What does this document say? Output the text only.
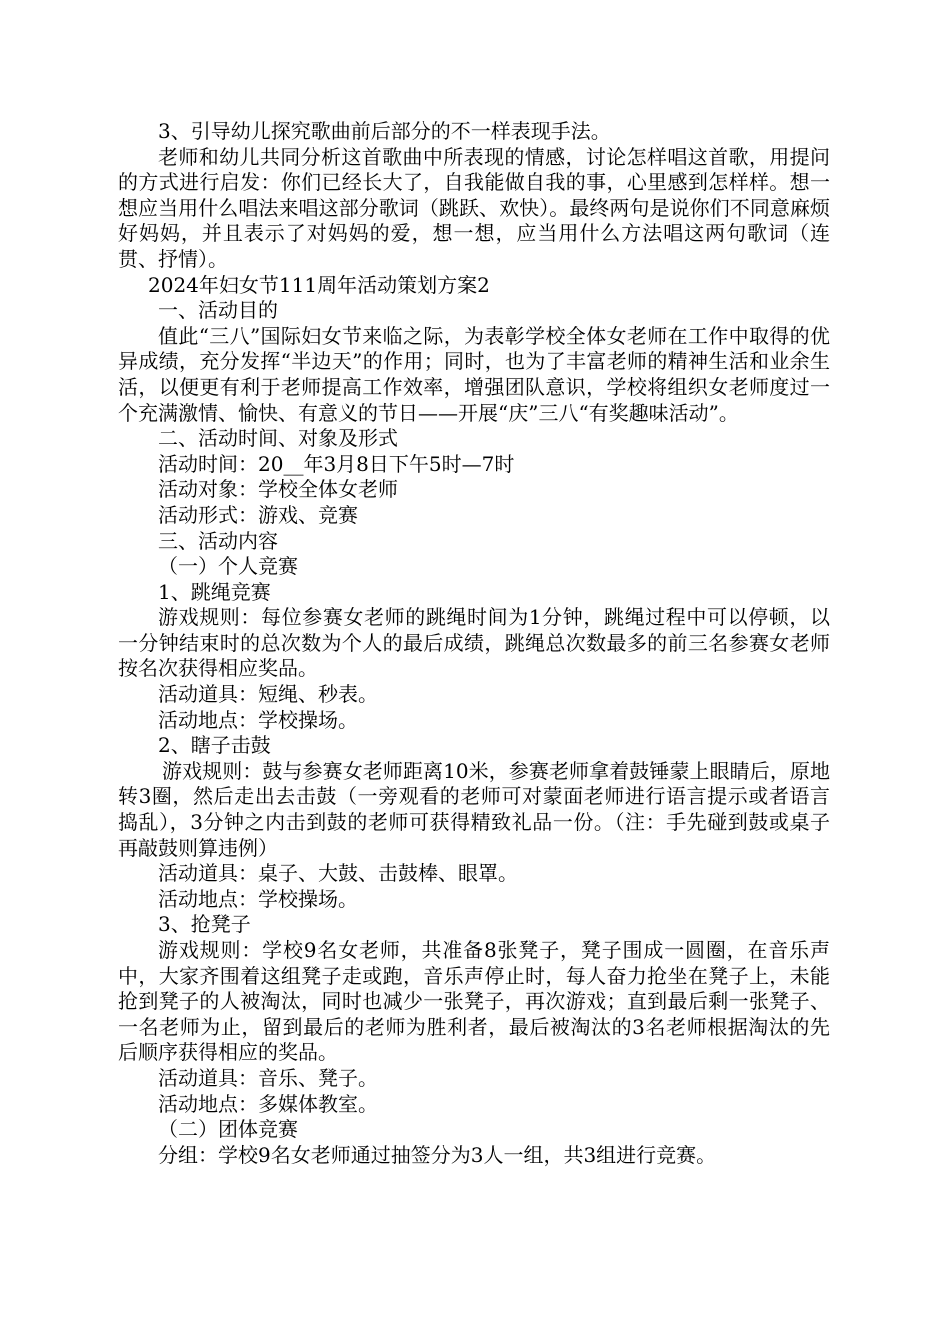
3、引导幼儿探究歌曲前后部分的不一样表现手法。

老师和幼儿共同分析这首歌曲中所表现的情感，讨论怎样唱这首歌，用提问的方式进行启发：你们已经长大了，自我能做自我的事，心里感到怎样样。想一想应当用什么唱法来唱这部分歌词（跳跃、欢快）。最终两句是说你们不同意麻烦好妈妈，并且表示了对妈妈的爱，想一想，应当用什么方法唱这两句歌词（连贯、抒情）。

2024年妇女节111周年活动策划方案2

一、活动目的

值此“三八”国际妇女节来临之际，为表彰学校全体女老师在工作中取得的优异成绩，充分发挥“半边天”的作用；同时，也为了丰富老师的精神生活和业余生活，以便更有利于老师提高工作效率，增强团队意识，学校将组织女老师度过一个充满激情、愉快、有意义的节日——开展“庆”三八“有奖趣味活动”。

二、活动时间、对象及形式

活动时间：20__年3月8日下午5时—7时

活动对象：学校全体女老师

活动形式：游戏、竞赛

三、活动内容

（一）个人竞赛

1、跳绳竞赛

游戏规则：每位参赛女老师的跳绳时间为1分钟，跳绳过程中可以停顿，以一分钟结束时的总次数为个人的最后成绩，跳绳总次数最多的前三名参赛女老师按名次获得相应奖品。

活动道具：短绳、秒表。

活动地点：学校操场。

2、瞎子击鼓

游戏规则：鼓与参赛女老师距离10米，参赛老师拿着鼓锤蒙上眼睛后，原地转3圈，然后走出去击鼓（一旁观看的老师可对蒙面老师进行语言提示或者语言捣乱），3分钟之内击到鼓的老师可获得精致礼品一份。（注：手先碰到鼓或桌子再敲鼓则算违例）

活动道具：桌子、大鼓、击鼓棒、眼罩。

活动地点：学校操场。

3、抢凳子

游戏规则：学校9名女老师，共准备8张凳子，凳子围成一圆圈，在音乐声中，大家齐围着这组凳子走或跑，音乐声停止时，每人奋力抢坐在凳子上，未能抢到凳子的人被淘汰，同时也减少一张凳子，再次游戏；直到最后剩一张凳子、一名老师为止，留到最后的老师为胜利者，最后被淘汰的3名老师根据淘汰的先后顺序获得相应的奖品。

活动道具：音乐、凳子。

活动地点：多媒体教室。

（二）团体竞赛

分组：学校9名女老师通过抽签分为3人一组，共3组进行竞赛。
